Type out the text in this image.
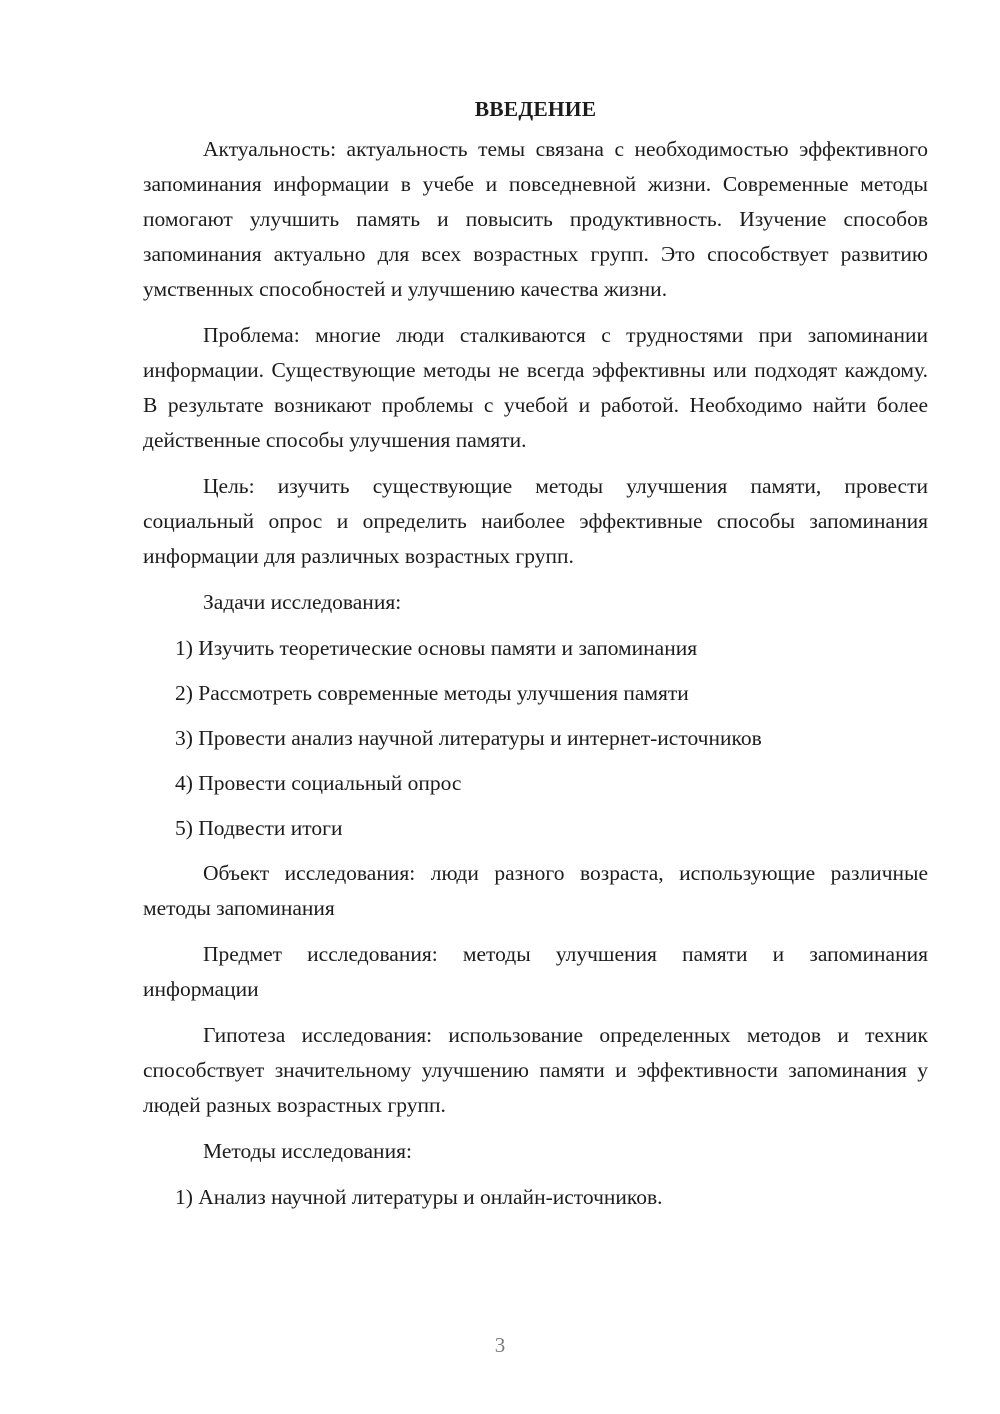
ВВЕДЕНИЕ

Актуальность: актуальность темы связана с необходимостью эффективного запоминания информации в учебе и повседневной жизни. Современные методы помогают улучшить память и повысить продуктивность. Изучение способов запоминания актуально для всех возрастных групп. Это способствует развитию умственных способностей и улучшению качества жизни.

Проблема: многие люди сталкиваются с трудностями при запоминании информации. Существующие методы не всегда эффективны или подходят каждому. В результате возникают проблемы с учебой и работой. Необходимо найти более действенные способы улучшения памяти.

Цель: изучить существующие методы улучшения памяти, провести социальный опрос и определить наиболее эффективные способы запоминания информации для различных возрастных групп.

Задачи исследования:

1) Изучить теоретические основы памяти и запоминания
2) Рассмотреть современные методы улучшения памяти
3) Провести анализ научной литературы и интернет-источников
4) Провести социальный опрос
5) Подвести итоги

Объект исследования: люди разного возраста, использующие различные методы запоминания

Предмет исследования: методы улучшения памяти и запоминания информации

Гипотеза исследования: использование определенных методов и техник способствует значительному улучшению памяти и эффективности запоминания у людей разных возрастных групп.

Методы исследования:

1) Анализ научной литературы и онлайн-источников.
3
